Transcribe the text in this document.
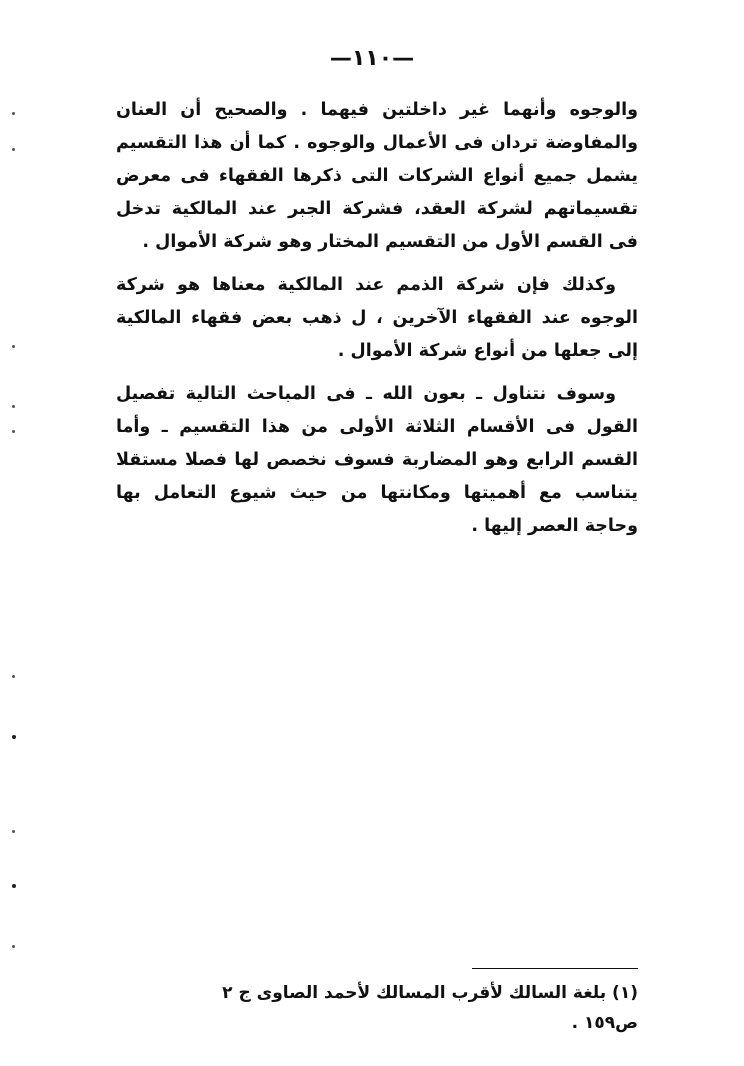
—١١٠—

والوجوه وأنهما غير داخلتين فيهما . والصحيح أن العنان والمفاوضة تردان فى الأعمال والوجوه . كما أن هذا التقسيم يشمل جميع أنواع الشركات التى ذكرها الفقهاء فى معرض تقسيماتهم لشركة العقد، فشركة الجبر عند المالكية تدخل فى القسم الأول من التقسيم المختار وهو شركة الأموال .

وكذلك فإن شركة الذمم عند المالكية معناها هو شركة الوجوه عند الفقهاء الآخرين ، ل ذهب بعض فقهاء المالكية إلى جعلها من أنواع شركة الأموال .

وسوف نتناول ـ بعون الله ـ فى المباحث التالية تفصيل القول فى الأقسام الثلاثة الأولى من هذا التقسيم ـ وأما القسم الرابع وهو المضاربة فسوف نخصص لها فصلا مستقلا يتناسب مع أهميتها ومكانتها من حيث شيوع التعامل بها وحاجة العصر إليها .

(١) بلغة السالك لأقرب المسالك لأحمد الصاوى ج ٢ ص١٥٩ .
